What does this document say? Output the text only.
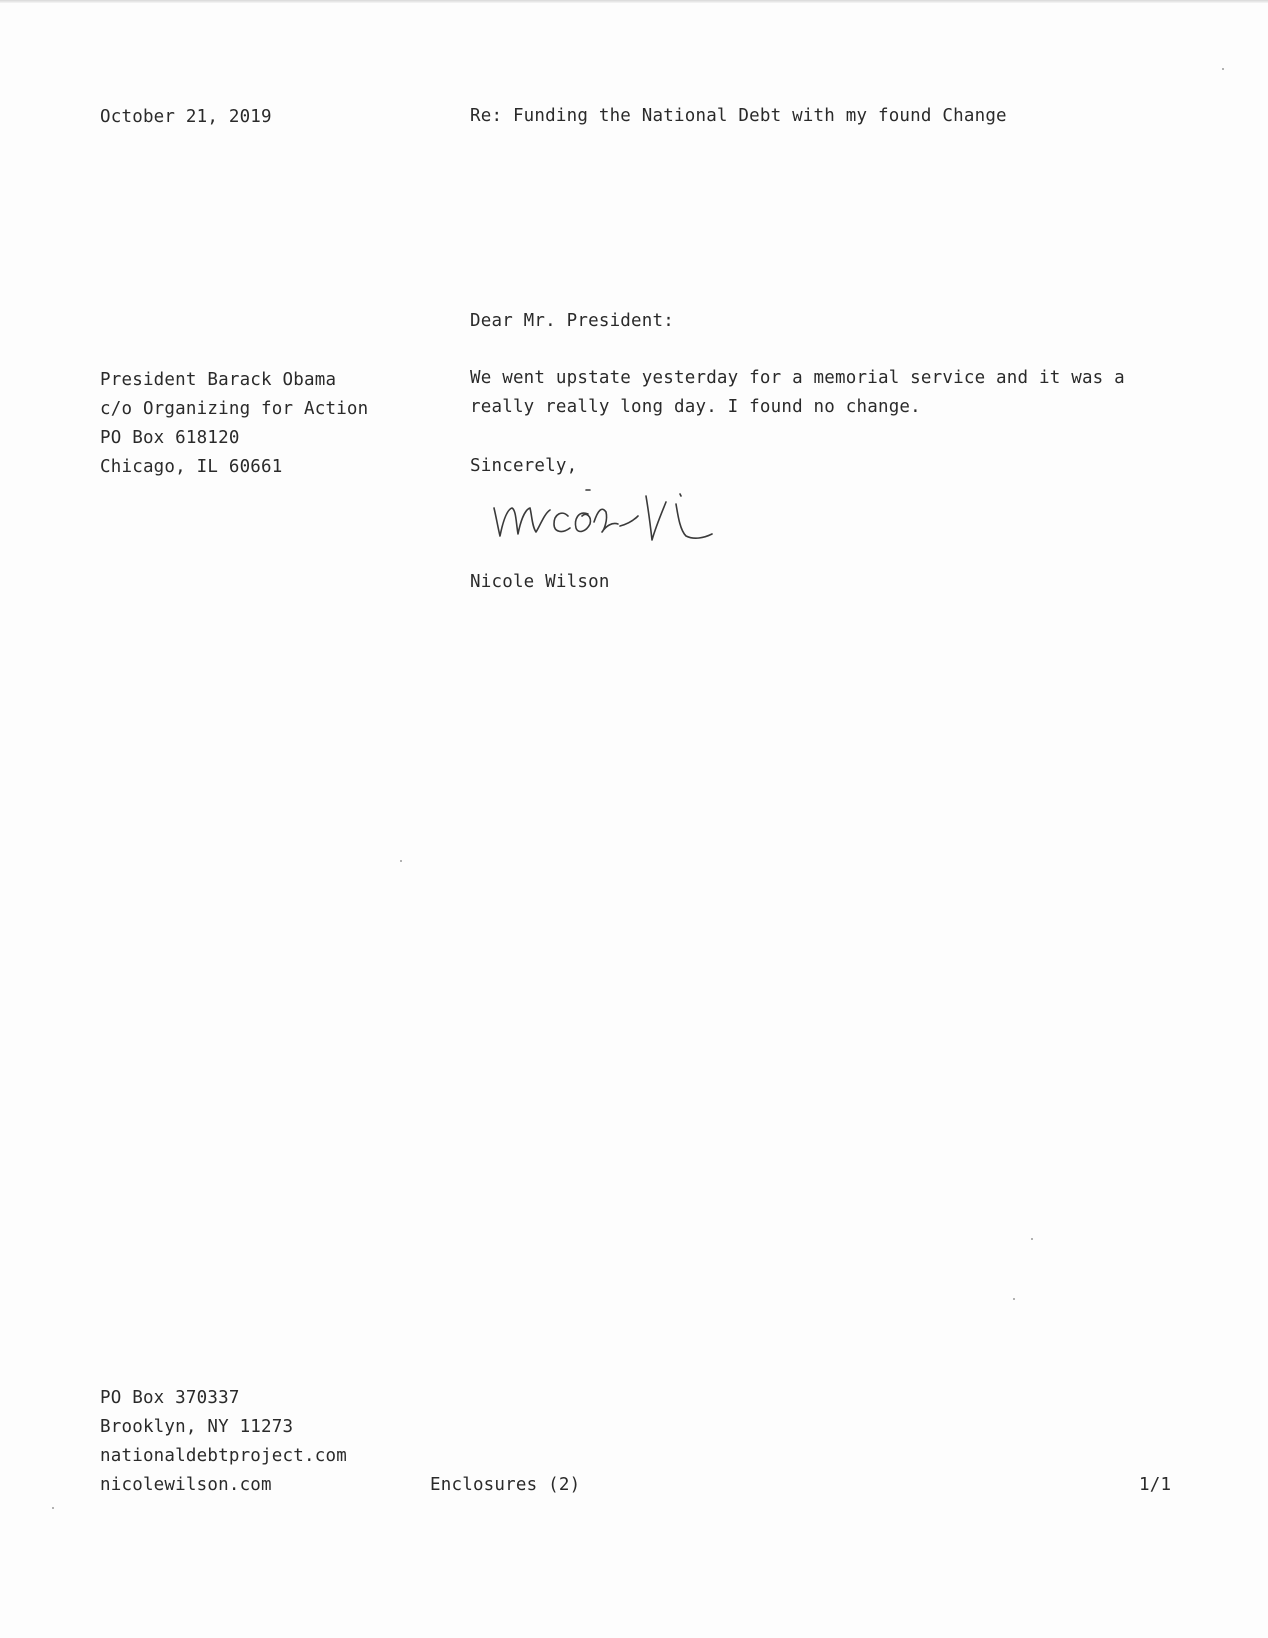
October 21, 2019	Re: Funding the National Debt with my found Change
Dear Mr. President:
President Barack Obama
c/o Organizing for Action
PO Box 618120
Chicago, IL 60661
We went upstate yesterday for a memorial service and it was a
really really long day. I found no change.
Sincerely,
Nicole Wilson
PO Box 370337
Brooklyn, NY 11273
nationaldebtproject.com
nicolewilson.com	Enclosures (2)	1/1
